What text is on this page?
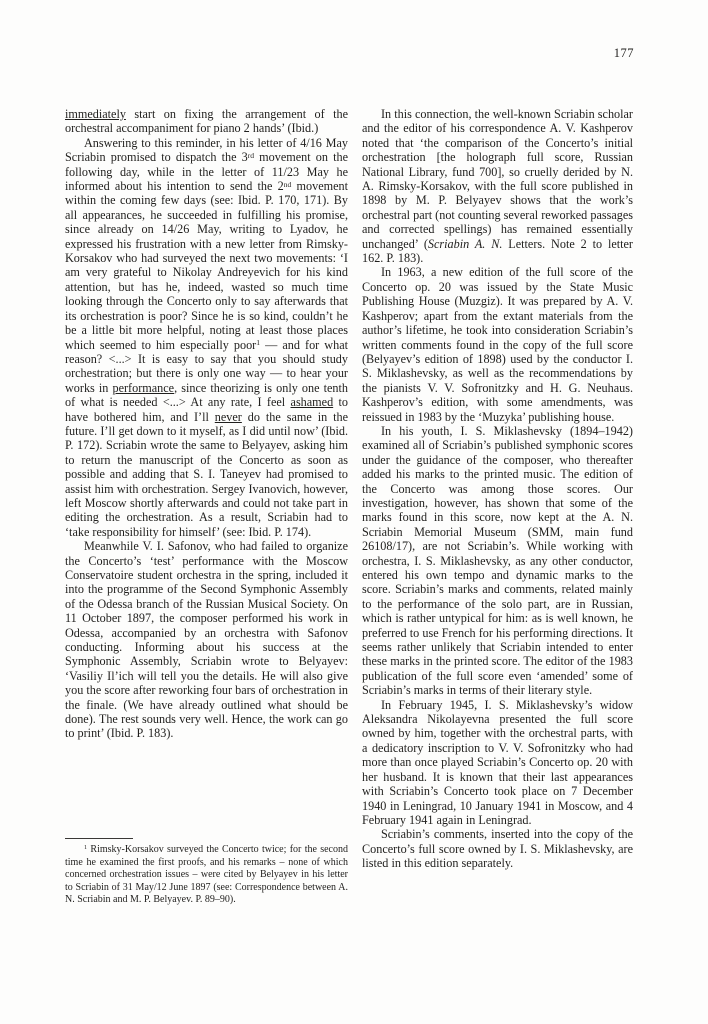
177

immediately start on fixing the arrangement of the orchestral accompaniment for piano 2 hands’ (Ibid.)

Answering to this reminder, in his letter of 4/16 May Scriabin promised to dispatch the 3rd movement on the following day, while in the letter of 11/23 May he informed about his intention to send the 2nd movement within the coming few days (see: Ibid. P. 170, 171). By all appearances, he succeeded in fulfilling his promise, since already on 14/26 May, writing to Lyadov, he expressed his frustration with a new letter from Rimsky-Korsakov who had surveyed the next two movements: ‘I am very grateful to Nikolay Andreyevich for his kind attention, but has he, indeed, wasted so much time looking through the Concerto only to say afterwards that its orchestration is poor? Since he is so kind, couldn’t he be a little bit more helpful, noting at least those places which seemed to him especially poor$^1$ — and for what reason? <...> It is easy to say that you should study orchestration; but there is only one way — to hear your works in performance, since theorizing is only one tenth of what is needed <...> At any rate, I feel ashamed to have bothered him, and I’ll never do the same in the future. I’ll get down to it myself, as I did until now’ (Ibid. P. 172). Scriabin wrote the same to Belyayev, asking him to return the manuscript of the Concerto as soon as possible and adding that S. I. Taneyev had promised to assist him with orchestration. Sergey Ivanovich, however, left Moscow shortly afterwards and could not take part in editing the orchestration. As a result, Scriabin had to ‘take responsibility for himself’ (see: Ibid. P. 174).

Meanwhile V. I. Safonov, who had failed to organize the Concerto’s ‘test’ performance with the Moscow Conservatoire student orchestra in the spring, included it into the programme of the Second Symphonic Assembly of the Odessa branch of the Russian Musical Society. On 11 October 1897, the composer performed his work in Odessa, accompanied by an orchestra with Safonov conducting. Informing about his success at the Symphonic Assembly, Scriabin wrote to Belyayev: ‘Vasiliy Il’ich will tell you the details. He will also give you the score after reworking four bars of orchestration in the finale. (We have already outlined what should be done). The rest sounds very well. Hence, the work can go to print’ (Ibid. P. 183).

In this connection, the well-known Scriabin scholar and the editor of his correspondence A. V. Kashperov noted that ‘the comparison of the Concerto’s initial orchestration [the holograph full score, Russian National Library, fund 700], so cruelly derided by N. A. Rimsky-Korsakov, with the full score published in 1898 by M. P. Belyayev shows that the work’s orchestral part (not counting several reworked passages and corrected spellings) has remained essentially unchanged’ (Scriabin A. N. Letters. Note 2 to letter 162. P. 183).

In 1963, a new edition of the full score of the Concerto op. 20 was issued by the State Music Publishing House (Muzgiz). It was prepared by A. V. Kashperov; apart from the extant materials from the author’s lifetime, he took into consideration Scriabin’s written comments found in the copy of the full score (Belyayev’s edition of 1898) used by the conductor I. S. Miklashevsky, as well as the recommendations by the pianists V. V. Sofronitzky and H. G. Neuhaus. Kashperov’s edition, with some amendments, was reissued in 1983 by the ‘Muzyka’ publishing house.

In his youth, I. S. Miklashevsky (1894–1942) examined all of Scriabin’s published symphonic scores under the guidance of the composer, who thereafter added his marks to the printed music. The edition of the Concerto was among those scores. Our investigation, however, has shown that some of the marks found in this score, now kept at the A. N. Scriabin Memorial Museum (SMM, main fund 26108/17), are not Scriabin’s. While working with orchestra, I. S. Miklashevsky, as any other conductor, entered his own tempo and dynamic marks to the score. Scriabin’s marks and comments, related mainly to the performance of the solo part, are in Russian, which is rather untypical for him: as is well known, he preferred to use French for his performing directions. It seems rather unlikely that Scriabin intended to enter these marks in the printed score. The editor of the 1983 publication of the full score even ‘amended’ some of Scriabin’s marks in terms of their literary style.

In February 1945, I. S. Miklashevsky’s widow Aleksandra Nikolayevna presented the full score owned by him, together with the orchestral parts, with a dedicatory inscription to V. V. Sofronitzky who had more than once played Scriabin’s Concerto op. 20 with her husband. It is known that their last appearances with Scriabin’s Concerto took place on 7 December 1940 in Leningrad, 10 January 1941 in Moscow, and 4 February 1941 again in Leningrad.

Scriabin’s comments, inserted into the copy of the Concerto’s full score owned by I. S. Miklashevsky, are listed in this edition separately.

$^1$ Rimsky-Korsakov surveyed the Concerto twice; for the second time he examined the first proofs, and his remarks – none of which concerned orchestration issues – were cited by Belyayev in his letter to Scriabin of 31 May/12 June 1897 (see: Correspondence between A. N. Scriabin and M. P. Belyayev. P. 89–90).
